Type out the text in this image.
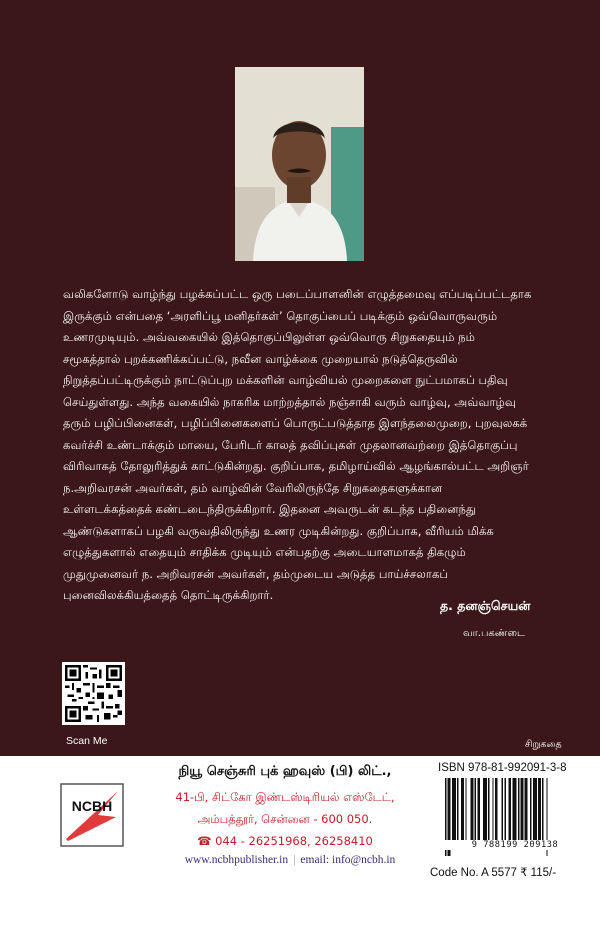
வலிகளோடு வாழ்ந்து பழக்கப்பட்ட ஒரு படைப்பாளனின் எழுத்தமைவு எப்படிப்பட்டதாக
இருக்கும் என்பதை ‘அரளிப்பூ மனிதர்கள்’ தொகுப்பைப் படிக்கும் ஒவ்வொருவரும்
உணரமுடியும். அவ்வகையில் இத்தொகுப்பிலுள்ள ஒவ்வொரு சிறுகதையும் நம்
சமூகத்தால் புறக்கணிக்கப்பட்டு, நவீன வாழ்க்கை முறையால் நடுத்தெருவில்
நிறுத்தப்பட்டிருக்கும் நாட்டுப்புற மக்களின் வாழ்வியல் முறைகளை நுட்பமாகப் பதிவு
செய்துள்ளது. அந்த வகையில் நாகரிக மாற்றத்தால் நஞ்சாகி வரும் வாழ்வு, அவ்வாழ்வு
தரும் பழிப்பினைகள், பழிப்பினைகளைப் பொருட்படுத்தாத இளந்தலைமுறை, புறவுலகக்
கவர்ச்சி உண்டாக்கும் மாயை, பேரிடர் காலத் தவிப்புகள் முதலானவற்றை இத்தொகுப்பு
விரிவாகத் தோலுரித்துக் காட்டுகின்றது. குறிப்பாக, தமிழாய்வில் ஆழங்கால்பட்ட அறிஞர்
ந.அறிவரசன் அவர்கள், தம் வாழ்வின் வேரிலிருந்தே சிறுகதைகளுக்கான
உள்ளடக்கத்தைக் கண்டடைந்திருக்கிறார். இதனை அவருடன் கடந்த பதினைந்து
ஆண்டுகளாகப் பழகி வருவதிலிருந்து உணர முடிகின்றது. குறிப்பாக, வீரியம் மிக்க
எழுத்துகளால் எதையும் சாதிக்க முடியும் என்பதற்கு அடையாளமாகத் திகழும்
முதுமுனைவர் ந. அறிவரசன் அவர்கள், தம்முடைய அடுத்த பாய்ச்சலாகப்
புனைவிலக்கியத்தைத் தொட்டிருக்கிறார்.
த. தனஞ்செயன்
வா.பகண்டை
Scan Me	சிறுகதை
NCBH
நியூ செஞ்சுரி புக் ஹவுஸ் (பி) லிட்.,
41-பி, சிட்கோ இண்டஸ்டிரியல் எஸ்டேட்,
அம்பத்தூர், சென்னை - 600 050.
☎ 044 - 26251968, 26258410
www.ncbhpublisher.in | email: info@ncbh.in
ISBN 978-81-992091-3-8
9 788199 209138
Code No. A 5577 ₹ 115/-
